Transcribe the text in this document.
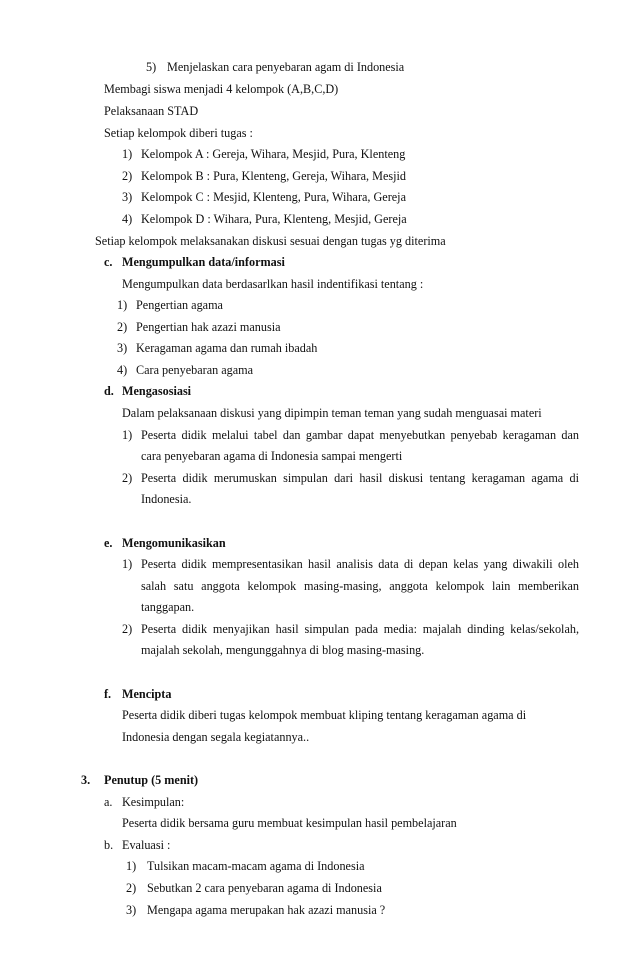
5) Menjelaskan cara penyebaran agam di Indonesia
Membagi siswa menjadi 4 kelompok (A,B,C,D)
Pelaksanaan STAD
Setiap kelompok diberi tugas :
1) Kelompok A : Gereja, Wihara, Mesjid, Pura, Klenteng
2) Kelompok B : Pura, Klenteng, Gereja, Wihara, Mesjid
3) Kelompok C : Mesjid, Klenteng, Pura, Wihara, Gereja
4) Kelompok D : Wihara, Pura, Klenteng, Mesjid, Gereja
Setiap kelompok melaksanakan diskusi sesuai dengan tugas yg diterima
c. Mengumpulkan data/informasi
Mengumpulkan data berdasarlkan hasil indentifikasi tentang :
1) Pengertian agama
2) Pengertian hak azazi manusia
3) Keragaman agama dan rumah ibadah
4) Cara penyebaran agama
d. Mengasosiasi
Dalam pelaksanaan diskusi yang dipimpin teman teman yang sudah menguasai materi
1) Peserta didik melalui tabel dan gambar dapat menyebutkan penyebab keragaman dan
cara penyebaran agama di Indonesia sampai mengerti
2) Peserta didik merumuskan simpulan dari hasil diskusi tentang keragaman agama di
Indonesia.
e. Mengomunikasikan
1) Peserta didik mempresentasikan hasil analisis data di depan kelas yang diwakili oleh
salah satu anggota kelompok masing-masing, anggota kelompok lain memberikan
tanggapan.
2) Peserta didik menyajikan hasil simpulan pada media: majalah dinding kelas/sekolah,
majalah sekolah, mengunggahnya di blog masing-masing.
f. Mencipta
Peserta didik diberi tugas kelompok membuat kliping tentang keragaman agama di
Indonesia dengan segala kegiatannya..
3. Penutup (5 menit)
a. Kesimpulan:
Peserta didik bersama guru membuat kesimpulan hasil pembelajaran
b. Evaluasi :
1) Tulsikan macam-macam agama di Indonesia
2) Sebutkan 2 cara penyebaran agama di Indonesia
3) Mengapa agama merupakan hak azazi manusia ?
